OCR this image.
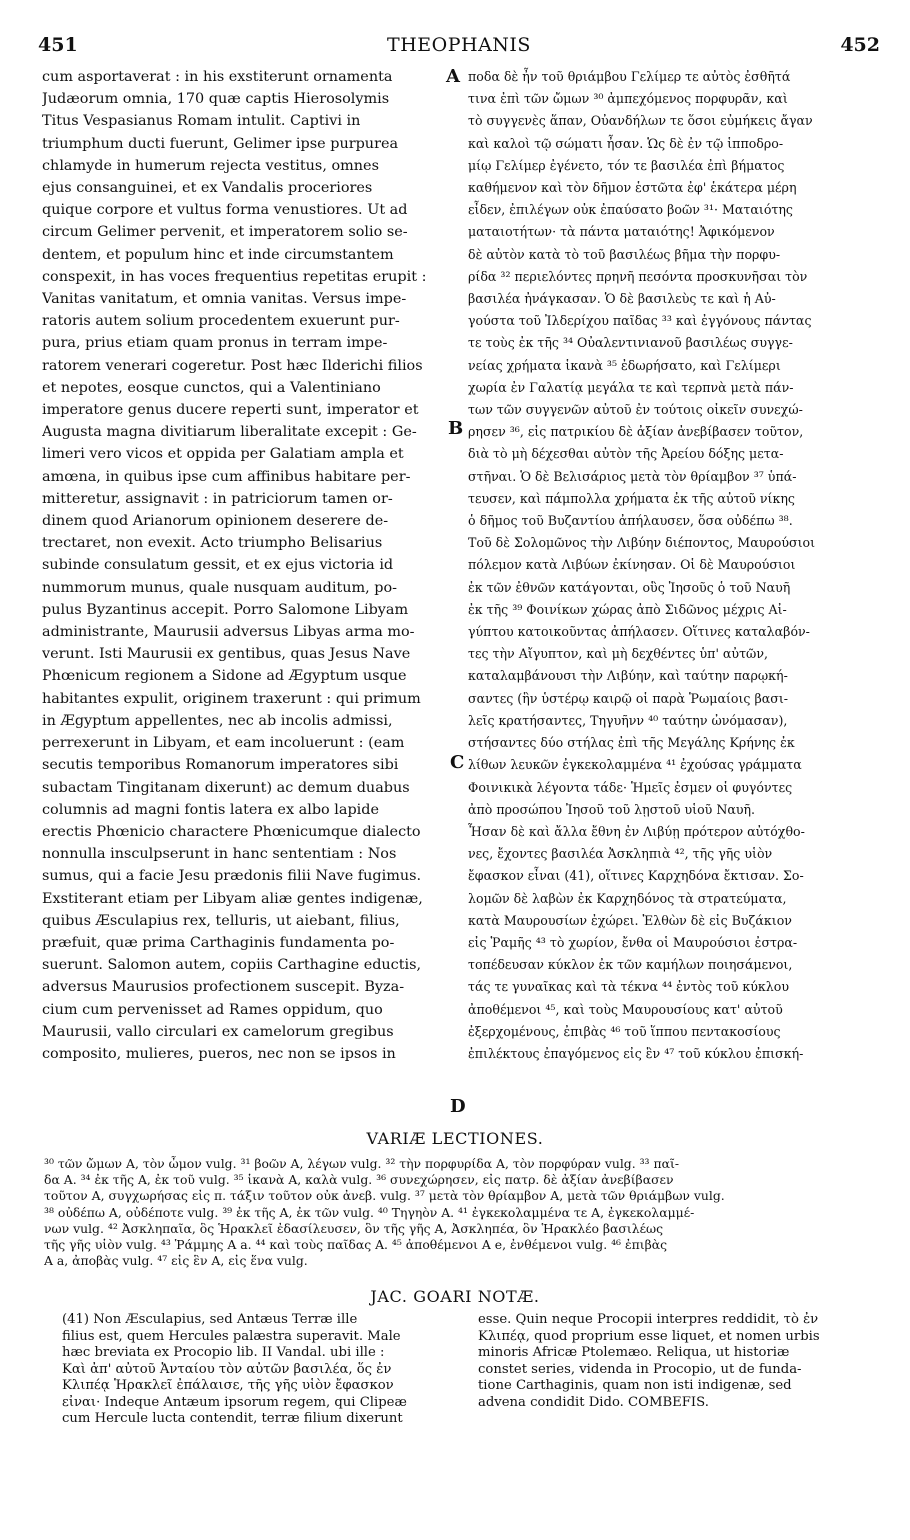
451	THEOPHANIS	452
cum asportaverat : in his exstiterunt ornamenta
Judæorum omnia, 170 quæ captis Hierosolymis
Titus Vespasianus Romam intulit. Captivi in
triumphum ducti fuerunt, Gelimer ipse purpurea
chlamyde in humerum rejecta vestitus, omnes
ejus consanguinei, et ex Vandalis proceriores
quique corpore et vultus forma venustiores. Ut ad
circum Gelimer pervenit, et imperatorem solio se-
dentem, et populum hinc et inde circumstantem
conspexit, in has voces frequentius repetitas erupit :
Vanitas vanitatum, et omnia vanitas. Versus impe-
ratoris autem solium procedentem exuerunt pur-
pura, prius etiam quam pronus in terram impe-
ratorem venerari cogeretur. Post hæc Ilderichi filios
et nepotes, eosque cunctos, qui a Valentiniano
imperatore genus ducere reperti sunt, imperator et
Augusta magna divitiarum liberalitate excepit : Ge-
limeri vero vicos et oppida per Galatiam ampla et
amœna, in quibus ipse cum affinibus habitare per-
mitteretur, assignavit : in patriciorum tamen or-
dinem quod Arianorum opinionem deserere de-
trectaret, non evexit. Acto triumpho Belisarius
subinde consulatum gessit, et ex ejus victoria id
nummorum munus, quale nusquam auditum, po-
pulus Byzantinus accepit. Porro Salomone Libyam
administrante, Maurusii adversus Libyas arma mo-
verunt. Isti Maurusii ex gentibus, quas Jesus Nave
Phœnicum regionem a Sidone ad Ægyptum usque
habitantes expulit, originem traxerunt : qui primum
in Ægyptum appellentes, nec ab incolis admissi,
perrexerunt in Libyam, et eam incoluerunt : (eam
secutis temporibus Romanorum imperatores sibi
subactam Tingitanam dixerunt) ac demum duabus
columnis ad magni fontis latera ex albo lapide
erectis Phœnicio charactere Phœnicumque dialecto
nonnulla insculpserunt in hanc sententiam : Nos
sumus, qui a facie Jesu prædonis filii Nave fugimus.
Exstiterant etiam per Libyam aliæ gentes indigenæ,
quibus Æsculapius rex, telluris, ut aiebant, filius,
præfuit, quæ prima Carthaginis fundamenta po-
suerunt. Salomon autem, copiis Carthagine eductis,
adversus Maurusios profectionem suscepit. Byza-
cium cum pervenisset ad Rames oppidum, quo
Maurusii, vallo circulari ex camelorum gregibus
composito, mulieres, pueros, nec non se ipsos in
A
B
C
D
ποδα δὲ ἦν τοῦ θριάμβου Γελίμερ τε αὐτὸς ἐσθῆτά
τινα ἐπὶ τῶν ὤμων ³⁰ ἀμπεχόμενος πορφυρᾶν, καὶ
τὸ συγγενὲς ἅπαν, Οὐανδήλων τε ὅσοι εὐμήκεις ἄγαν
καὶ καλοὶ τῷ σώματι ἦσαν. Ὡς δὲ ἐν τῷ ἱπποδρο-
μίῳ Γελίμερ ἐγένετο, τόν τε βασιλέα ἐπὶ βήματος
καθήμενον καὶ τὸν δῆμον ἑστῶτα ἐφ' ἑκάτερα μέρη
εἶδεν, ἐπιλέγων οὐκ ἐπαύσατο βοῶν ³¹· Ματαιότης
ματαιοτήτων· τὰ πάντα ματαιότης! Ἀφικόμενον
δὲ αὐτὸν κατὰ τὸ τοῦ βασιλέως βῆμα τὴν πορφυ-
ρίδα ³² περιελόντες πρηνῆ πεσόντα προσκυνῆσαι τὸν
βασιλέα ἠνάγκασαν. Ὁ δὲ βασιλεὺς τε καὶ ἡ Αὐ-
γούστα τοῦ Ἰλδερίχου παῖδας ³³ καὶ ἐγγόνους πάντας
τε τοὺς ἐκ τῆς ³⁴ Οὐαλεντινιανοῦ βασιλέως συγγε-
νείας χρήματα ἱκανὰ ³⁵ ἐδωρήσατο, καὶ Γελίμερι
χωρία ἐν Γαλατίᾳ μεγάλα τε καὶ τερπνὰ μετὰ πάν-
των τῶν συγγενῶν αὐτοῦ ἐν τούτοις οἰκεῖν συνεχώ-
ρησεν ³⁶, εἰς πατρικίου δὲ ἀξίαν ἀνεβίβασεν τοῦτον,
διὰ τὸ μὴ δέχεσθαι αὐτὸν τῆς Ἀρείου δόξης μετα-
στῆναι. Ὁ δὲ Βελισάριος μετὰ τὸν θρίαμβον ³⁷ ὑπά-
τευσεν, καὶ πάμπολλα χρήματα ἐκ τῆς αὐτοῦ νίκης
ὁ δῆμος τοῦ Βυζαντίου ἀπήλαυσεν, ὅσα οὐδέπω ³⁸.
Τοῦ δὲ Σολομῶνος τὴν Λιβύην διέποντος, Μαυρούσιοι
πόλεμον κατὰ Λιβύων ἐκίνησαν. Οἱ δὲ Μαυρούσιοι
ἐκ τῶν ἐθνῶν κατάγονται, οὓς Ἰησοῦς ὁ τοῦ Ναυῆ
ἐκ τῆς ³⁹ Φοινίκων χώρας ἀπὸ Σιδῶνος μέχρις Αἰ-
γύπτου κατοικοῦντας ἀπήλασεν. Οἵτινες καταλαβόν-
τες τὴν Αἴγυπτον, καὶ μὴ δεχθέντες ὑπ' αὐτῶν,
καταλαμβάνουσι τὴν Λιβύην, καὶ ταύτην παρῳκή-
σαντες (ἣν ὑστέρῳ καιρῷ οἱ παρὰ Ῥωμαίοις βασι-
λεῖς κρατήσαντες, Τηγυῆνν ⁴⁰ ταύτην ὠνόμασαν),
στήσαντες δύο στήλας ἐπὶ τῆς Μεγάλης Κρήνης ἐκ
λίθων λευκῶν ἐγκεκολαμμένα ⁴¹ ἐχούσας γράμματα
Φοινικικὰ λέγοντα τάδε· Ἡμεῖς ἐσμεν οἱ φυγόντες
ἀπὸ προσώπου Ἰησοῦ τοῦ λῃστοῦ υἱοῦ Ναυῆ.
Ἦσαν δὲ καὶ ἄλλα ἔθνη ἐν Λιβύῃ πρότερον αὐτόχθο-
νες, ἔχοντες βασιλέα Ἀσκληπιὰ ⁴², τῆς γῆς υἱὸν
ἔφασκον εἶναι (41), οἵτινες Καρχηδόνα ἔκτισαν. Σο-
λομῶν δὲ λαβὼν ἐκ Καρχηδόνος τὰ στρατεύματα,
κατὰ Μαυρουσίων ἐχώρει. Ἐλθὼν δὲ εἰς Βυζάκιον
εἰς Ῥαμῆς ⁴³ τὸ χωρίον, ἔνθα οἱ Μαυρούσιοι ἐστρα-
τοπέδευσαν κύκλον ἐκ τῶν καμήλων ποιησάμενοι,
τάς τε γυναῖκας καὶ τὰ τέκνα ⁴⁴ ἐντὸς τοῦ κύκλου
ἀποθέμενοι ⁴⁵, καὶ τοὺς Μαυρουσίους κατ' αὐτοῦ
ἐξερχομένους, ἐπιβὰς ⁴⁶ τοῦ ἵππου πεντακοσίους
ἐπιλέκτους ἐπαγόμενος εἰς ἓν ⁴⁷ τοῦ κύκλου ἐπισκή-
VARIÆ LECTIONES.
³⁰ τῶν ὤμων A, τὸν ὦμον vulg. ³¹ βοῶν A, λέγων vulg. ³² τὴν πορφυρίδα A, τὸν πορφύραν vulg. ³³ παῖ-
δα A. ³⁴ ἐκ τῆς A, ἐκ τοῦ vulg. ³⁵ ἱκανὰ A, καλὰ vulg. ³⁶ συνεχώρησεν, εἰς πατρ. δὲ ἀξίαν ἀνεβίβασεν
τοῦτον A, συγχωρήσας εἰς π. τάξιν τοῦτον οὐκ ἀνεβ. vulg. ³⁷ μετὰ τὸν θρίαμβον A, μετὰ τῶν θριάμβων vulg.
³⁸ οὐδέπω A, οὐδέποτε vulg. ³⁹ ἐκ τῆς A, ἐκ τῶν vulg. ⁴⁰ Τηγηὸν A. ⁴¹ ἐγκεκολαμμένα τε A, ἐγκεκολαμμέ-
νων vulg. ⁴² Ἀσκληπαῖα, ὃς Ἡρακλεῖ ἐδασίλευσεν, ὃν τῆς γῆς A, Ἀσκληπέα, ὃν Ἡρακλέο βασιλέως
τῆς γῆς υἱὸν vulg. ⁴³ Ῥάμμης A a. ⁴⁴ καὶ τοὺς παῖδας A. ⁴⁵ ἀποθέμενοι A e, ἐνθέμενοι vulg. ⁴⁶ ἐπιβὰς
A a, ἀποβὰς vulg. ⁴⁷ εἰς ἓν A, εἰς ἕνα vulg.
JAC. GOARI NOTÆ.
(41) Non Æsculapius, sed Antæus Terræ ille
filius est, quem Hercules palæstra superavit. Male
hæc breviata ex Procopio lib. II Vandal. ubi ille :
Καὶ ἀπ' αὐτοῦ Ἀνταίου τὸν αὐτῶν βασιλέα, ὅς ἐν
Κλιπέᾳ Ἡρακλεῖ ἐπάλαισε, τῆς γῆς υἱὸν ἔφασκον
εἶναι· Indeque Antæum ipsorum regem, qui Clipeæ
cum Hercule lucta contendit, terræ filium dixerunt
esse. Quin neque Procopii interpres reddidit, τὸ ἐν
Κλιπέᾳ, quod proprium esse liquet, et nomen urbis
minoris Africæ Ptolemæo. Reliqua, ut historiæ
constet series, videnda in Procopio, ut de funda-
tione Carthaginis, quam non isti indigenæ, sed
advena condidit Dido. COMBEFIS.
